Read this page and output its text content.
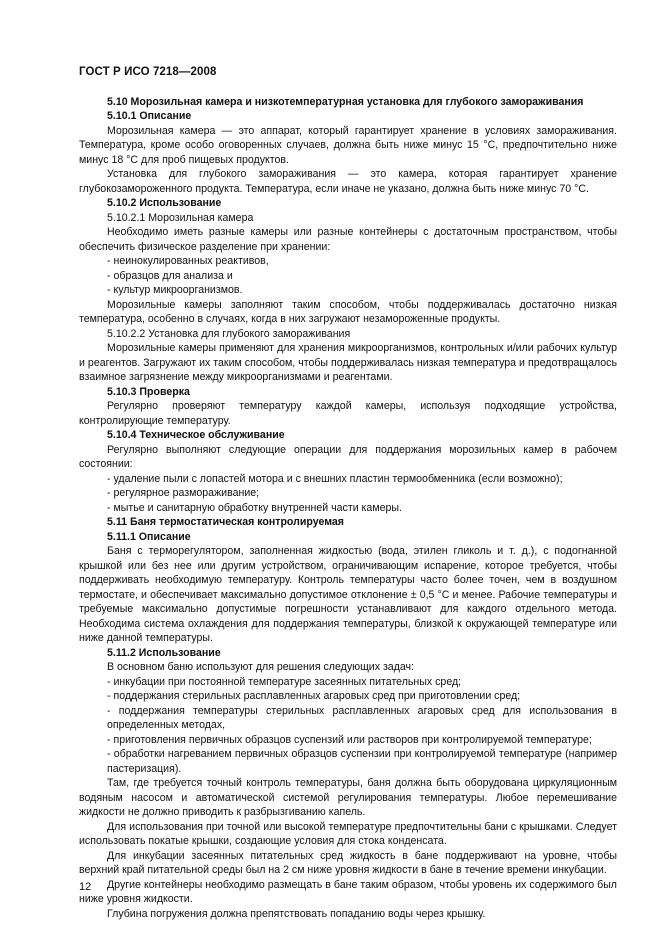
ГОСТ Р ИСО 7218—2008

5.10 Морозильная камера и низкотемпературная установка для глубокого замораживания

5.10.1 Описание

Морозильная камера — это аппарат, который гарантирует хранение в условиях замораживания. Температура, кроме особо оговоренных случаев, должна быть ниже минус 15 °С, предпочтительно ниже минус 18 °С для проб пищевых продуктов.

Установка для глубокого замораживания — это камера, которая гарантирует хранение глубокозамороженного продукта. Температура, если иначе не указано, должна быть ниже минус 70 °С.

5.10.2 Использование

5.10.2.1 Морозильная камера

Необходимо иметь разные камеры или разные контейнеры с достаточным пространством, чтобы обеспечить физическое разделение при хранении:

- неинокулированных реактивов,

- образцов для анализа и

- культур микроорганизмов.

Морозильные камеры заполняют таким способом, чтобы поддерживалась достаточно низкая температура, особенно в случаях, когда в них загружают незамороженные продукты.

5.10.2.2 Установка для глубокого замораживания

Морозильные камеры применяют для хранения микроорганизмов, контрольных и/или рабочих культур и реагентов. Загружают их таким способом, чтобы поддерживалась низкая температура и предотвращалось взаимное загрязнение между микроорганизмами и реагентами.

5.10.3 Проверка

Регулярно проверяют температуру каждой камеры, используя подходящие устройства, контролирующие температуру.

5.10.4 Техническое обслуживание

Регулярно выполняют следующие операции для поддержания морозильных камер в рабочем состоянии:

- удаление пыли с лопастей мотора и с внешних пластин термообменника (если возможно);

- регулярное размораживание;

- мытье и санитарную обработку внутренней части камеры.

5.11 Баня термостатическая контролируемая

5.11.1 Описание

Баня с терморегулятором, заполненная жидкостью (вода, этилен гликоль и т. д.), с подогнанной крышкой или без нее или другим устройством, ограничивающим испарение, которое требуется, чтобы поддерживать необходимую температуру. Контроль температуры часто более точен, чем в воздушном термостате, и обеспечивает максимально допустимое отклонение ± 0,5 °С и менее. Рабочие температуры и требуемые максимально допустимые погрешности устанавливают для каждого отдельного метода. Необходима система охлаждения для поддержания температуры, близкой к окружающей температуре или ниже данной температуры.

5.11.2 Использование

В основном баню используют для решения следующих задач:

- инкубации при постоянной температуре засеянных питательных сред;

- поддержания стерильных расплавленных агаровых сред при приготовлении сред;

- поддержания температуры стерильных расплавленных агаровых сред для использования в определенных методах,

- приготовления первичных образцов суспензий или растворов при контролируемой температуре;

- обработки нагреванием первичных образцов суспензии при контролируемой температуре (например пастеризация).

Там, где требуется точный контроль температуры, баня должна быть оборудована циркуляционным водяным насосом и автоматической системой регулирования температуры. Любое перемешивание жидкости не должно приводить к разбрызгиванию капель.

Для использования при точной или высокой температуре предпочтительны бани с крышками. Следует использовать покатые крышки, создающие условия для стока конденсата.

Для инкубации засеянных питательных сред жидкость в бане поддерживают на уровне, чтобы верхний край питательной среды был на 2 см ниже уровня жидкости в бане в течение времени инкубации.

Другие контейнеры необходимо размещать в бане таким образом, чтобы уровень их содержимого был ниже уровня жидкости.

Глубина погружения должна препятствовать попаданию воды через крышку.

12
